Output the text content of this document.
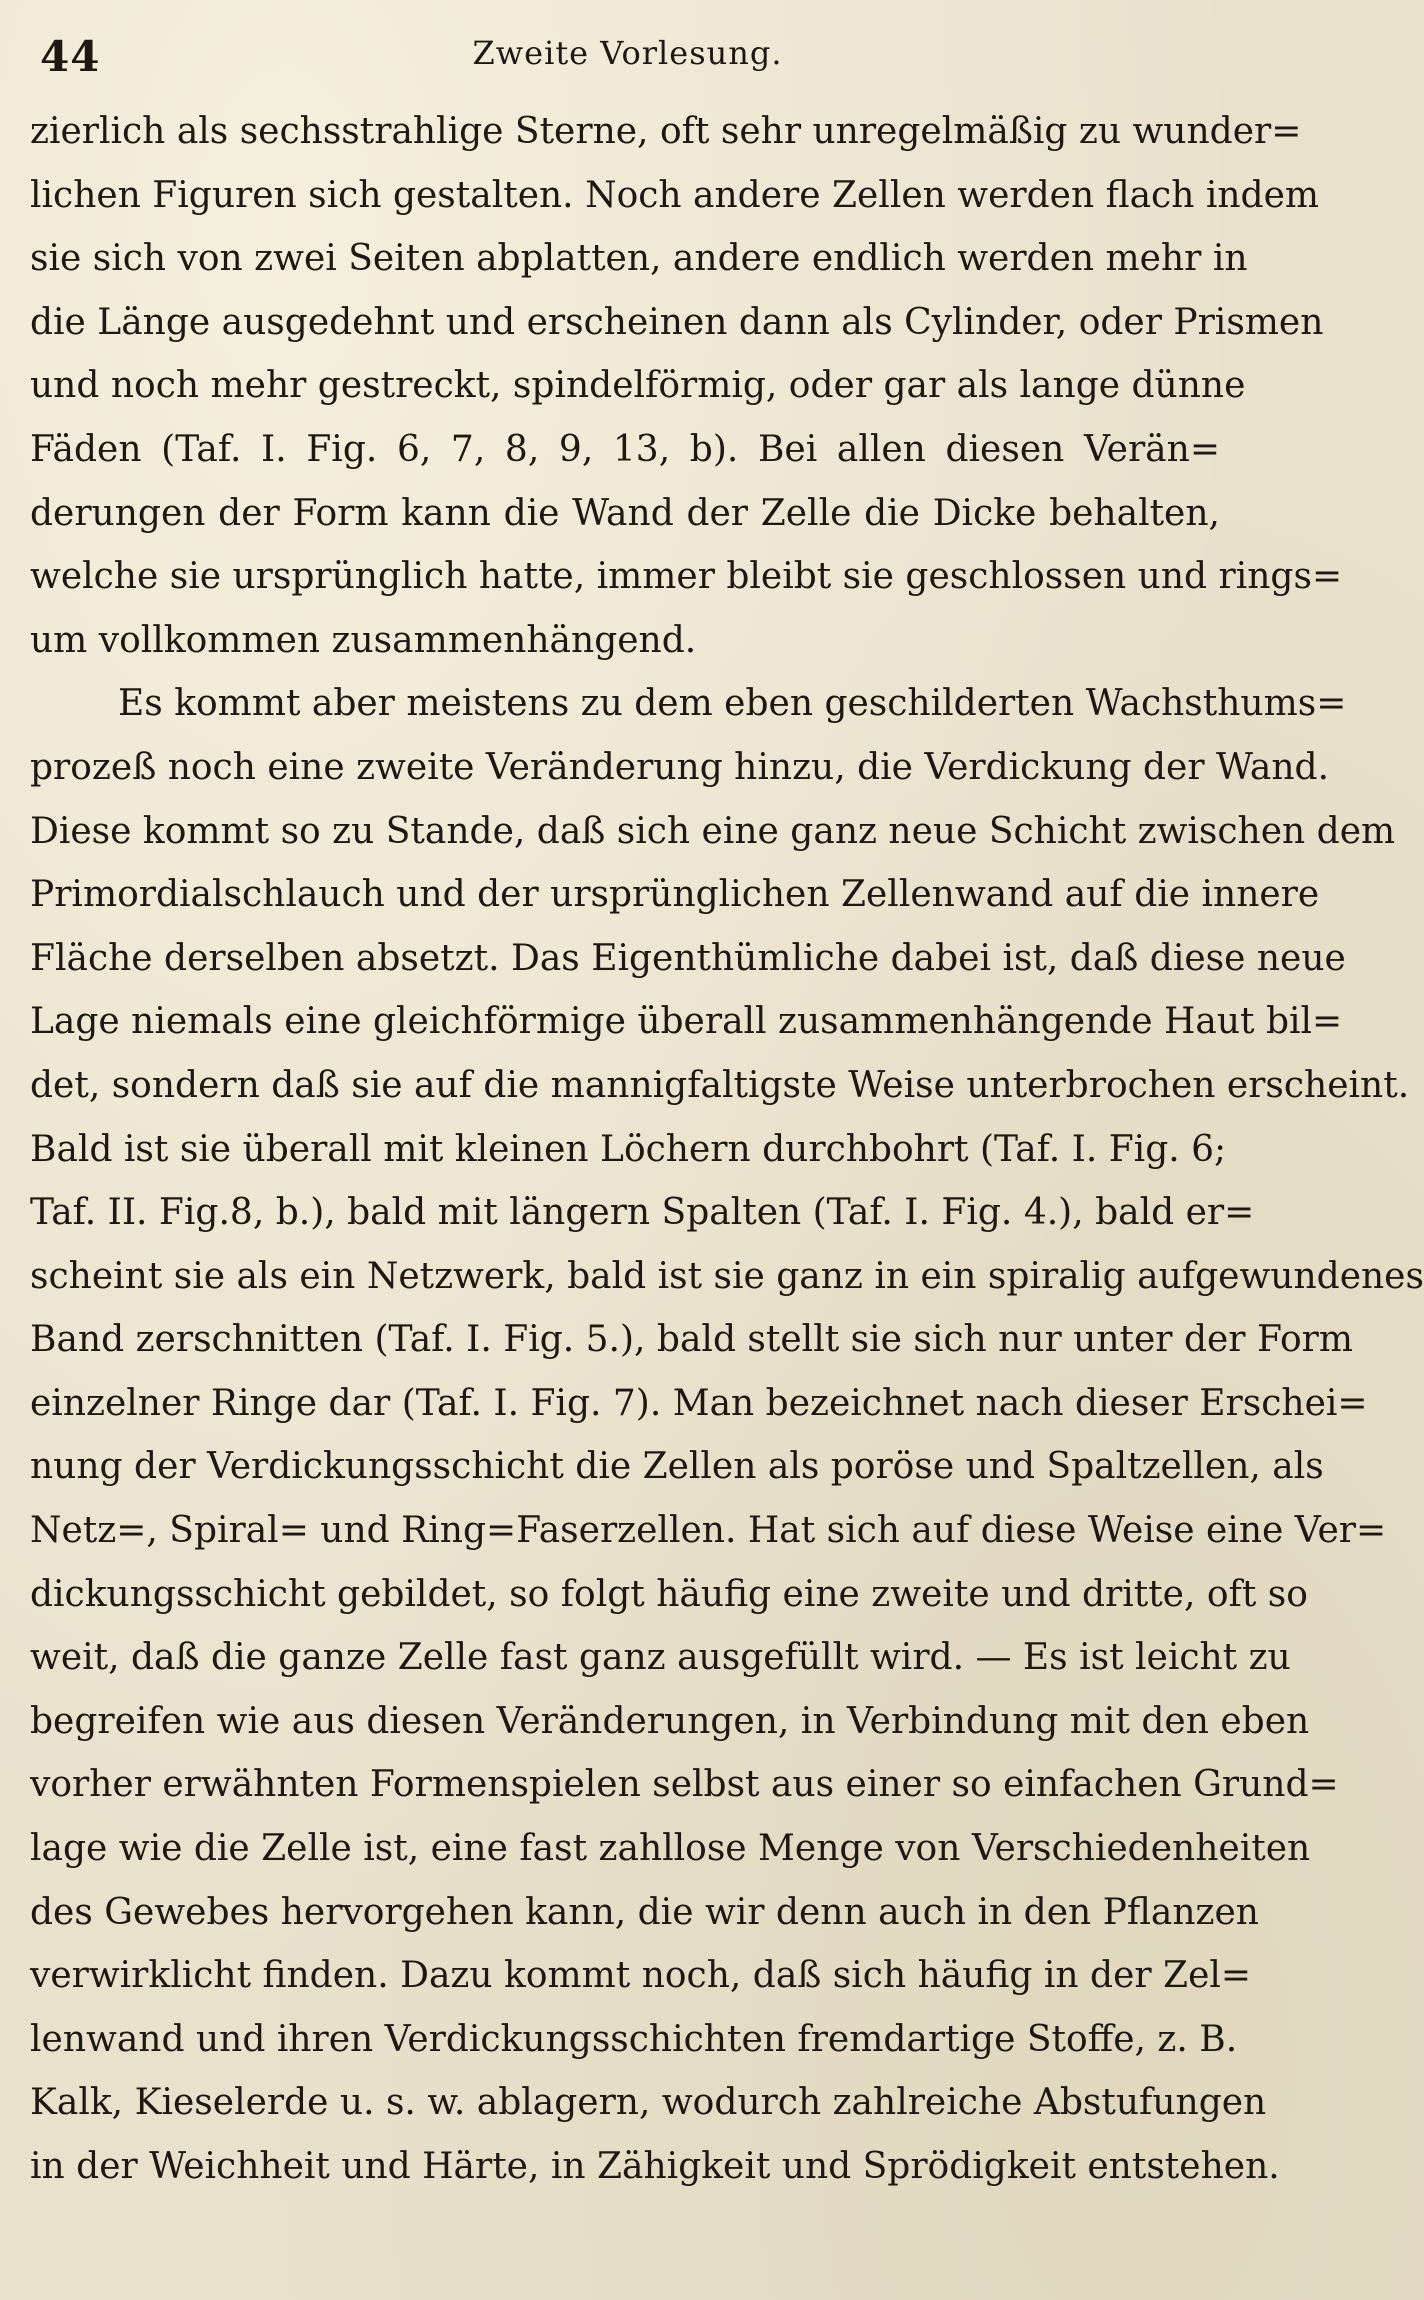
44	Zweite Vorlesung.
zierlich als sechsstrahlige Sterne, oft sehr unregelmäßig zu wunder=
lichen Figuren sich gestalten. Noch andere Zellen werden flach indem
sie sich von zwei Seiten abplatten, andere endlich werden mehr in
die Länge ausgedehnt und erscheinen dann als Cylinder, oder Prismen
und noch mehr gestreckt, spindelförmig, oder gar als lange dünne
Fäden (Taf. I. Fig. 6, 7, 8, 9, 13, b). Bei allen diesen Verän=
derungen der Form kann die Wand der Zelle die Dicke behalten,
welche sie ursprünglich hatte, immer bleibt sie geschlossen und rings=
um vollkommen zusammenhängend.
Es kommt aber meistens zu dem eben geschilderten Wachsthums=
prozeß noch eine zweite Veränderung hinzu, die Verdickung der Wand.
Diese kommt so zu Stande, daß sich eine ganz neue Schicht zwischen dem
Primordialschlauch und der ursprünglichen Zellenwand auf die innere
Fläche derselben absetzt. Das Eigenthümliche dabei ist, daß diese neue
Lage niemals eine gleichförmige überall zusammenhängende Haut bil=
det, sondern daß sie auf die mannigfaltigste Weise unterbrochen erscheint.
Bald ist sie überall mit kleinen Löchern durchbohrt (Taf. I. Fig. 6;
Taf. II. Fig.8, b.), bald mit längern Spalten (Taf. I. Fig. 4.), bald er=
scheint sie als ein Netzwerk, bald ist sie ganz in ein spiralig aufgewundenes
Band zerschnitten (Taf. I. Fig. 5.), bald stellt sie sich nur unter der Form
einzelner Ringe dar (Taf. I. Fig. 7). Man bezeichnet nach dieser Erschei=
nung der Verdickungsschicht die Zellen als poröse und Spaltzellen, als
Netz=, Spiral= und Ring=Faserzellen. Hat sich auf diese Weise eine Ver=
dickungsschicht gebildet, so folgt häufig eine zweite und dritte, oft so
weit, daß die ganze Zelle fast ganz ausgefüllt wird. — Es ist leicht zu
begreifen wie aus diesen Veränderungen, in Verbindung mit den eben
vorher erwähnten Formenspielen selbst aus einer so einfachen Grund=
lage wie die Zelle ist, eine fast zahllose Menge von Verschiedenheiten
des Gewebes hervorgehen kann, die wir denn auch in den Pflanzen
verwirklicht finden. Dazu kommt noch, daß sich häufig in der Zel=
lenwand und ihren Verdickungsschichten fremdartige Stoffe, z. B.
Kalk, Kieselerde u. s. w. ablagern, wodurch zahlreiche Abstufungen
in der Weichheit und Härte, in Zähigkeit und Sprödigkeit entstehen.
